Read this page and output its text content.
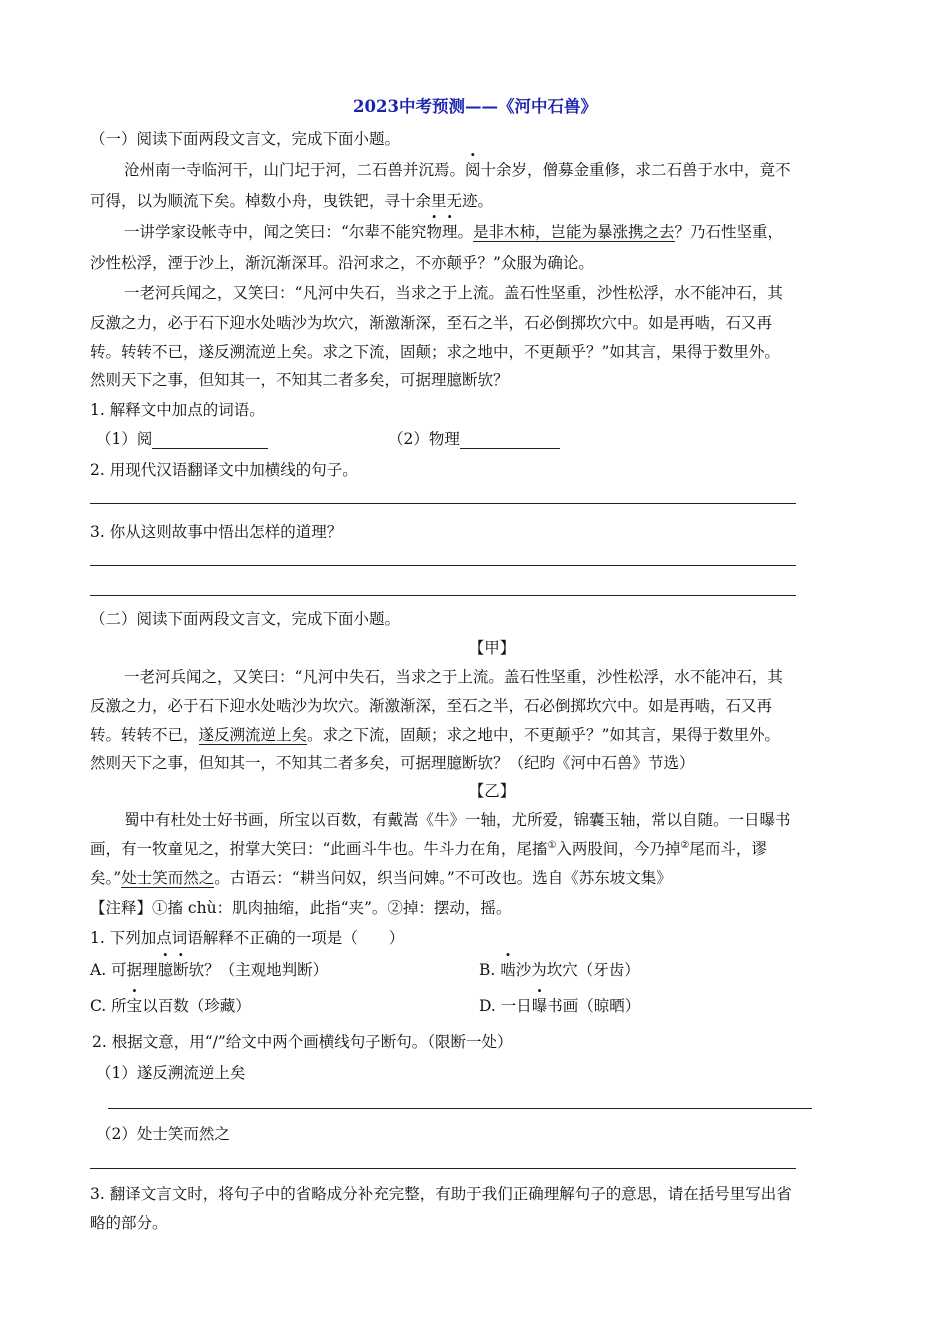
2023中考预测——《河中石兽》
（一）阅读下面两段文言文，完成下面小题。
沧州南一寺临河干，山门圮于河，二石兽并沉焉。阅十余岁，僧募金重修，求二石兽于水中，竟不
可得，以为顺流下矣。棹数小舟，曳铁钯，寻十余里无迹。
一讲学家设帐寺中，闻之笑曰：“尔辈不能究物理。是非木柿，岂能为暴涨携之去？乃石性坚重，
沙性松浮，湮于沙上，渐沉渐深耳。沿河求之，不亦颠乎？”众服为确论。
一老河兵闻之，又笑曰：“凡河中失石，当求之于上流。盖石性坚重，沙性松浮，水不能冲石，其
反激之力，必于石下迎水处啮沙为坎穴，渐激渐深，至石之半，石必倒掷坎穴中。如是再啮，石又再
转。转转不已，遂反溯流逆上矣。求之下流，固颠；求之地中，不更颠乎？”如其言，果得于数里外。
然则天下之事，但知其一，不知其二者多矣，可据理臆断欤？
1. 解释文中加点的词语。
（1）阅	（2）物理
2. 用现代汉语翻译文中加横线的句子。
3. 你从这则故事中悟出怎样的道理？
（二）阅读下面两段文言文，完成下面小题。
【甲】
一老河兵闻之，又笑曰：“凡河中失石，当求之于上流。盖石性坚重，沙性松浮，水不能冲石，其
反激之力，必于石下迎水处啮沙为坎穴。渐激渐深，至石之半，石必倒掷坎穴中。如是再啮，石又再
转。转转不已，遂反溯流逆上矣。求之下流，固颠；求之地中，不更颠乎？”如其言，果得于数里外。
然则天下之事，但知其一，不知其二者多矣，可据理臆断欤？（纪昀《河中石兽》节选）
【乙】
蜀中有杜处士好书画，所宝以百数，有戴嵩《牛》一轴，尤所爱，锦囊玉轴，常以自随。一日曝书
画，有一牧童见之，拊掌大笑曰：“此画斗牛也。牛斗力在角，尾搐①入两股间，今乃掉②尾而斗，谬
矣。”处士笑而然之。古语云：“耕当问奴，织当问婢。”不可改也。选自《苏东坡文集》
【注释】①搐 chù：肌肉抽缩，此指“夹”。②掉：摆动，摇。
1. 下列加点词语解释不正确的一项是（　　）
A. 可据理臆断欤？（主观地判断）	B. 啮沙为坎穴（牙齿）
C. 所宝以百数（珍藏）	D. 一日曝书画（晾晒）
2. 根据文意，用“/”给文中两个画横线句子断句。（限断一处）
（1）遂反溯流逆上矣
（2）处士笑而然之
3. 翻译文言文时，将句子中的省略成分补充完整，有助于我们正确理解句子的意思，请在括号里写出省
略的部分。
